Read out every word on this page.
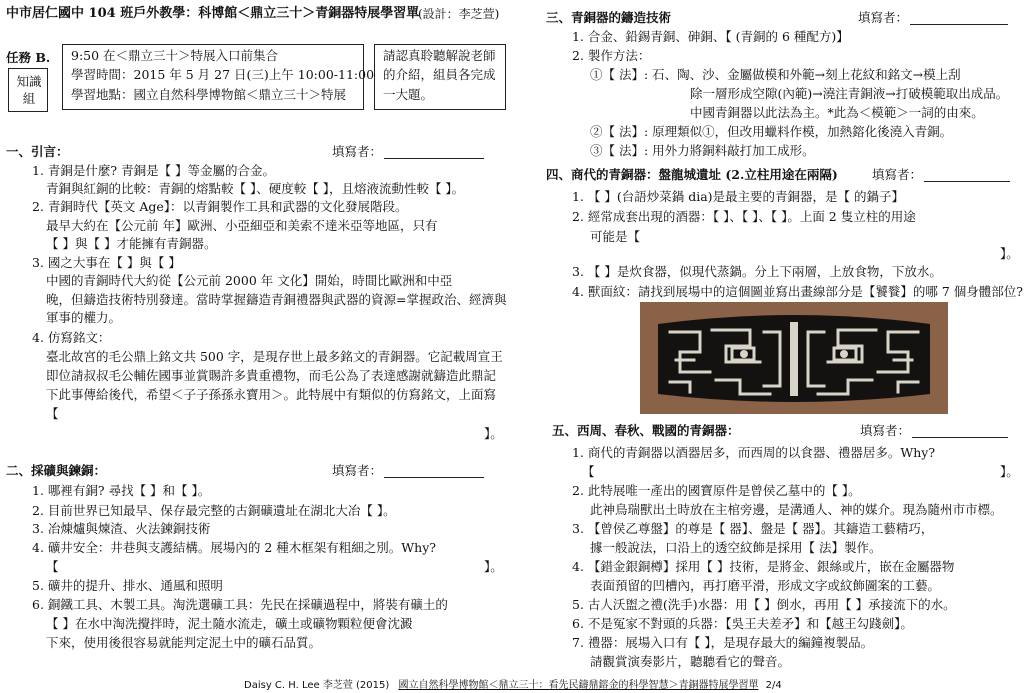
中市居仁國中 104 班戶外教學：科博館＜鼎立三十＞青銅器特展學習單
(設計：李芝萱)
任務 B.
知識組
9:50 在＜鼎立三十＞特展入口前集合
學習時間：2015 年 5 月 27 日(三)上午 10:00-11:00
學習地點：國立自然科學博物館＜鼎立三十＞特展
請認真聆聽解說老師
的介紹，組員各完成
一大題。
一、引言：	填寫者：
1. 青銅是什麼? 青銅是【 】等金屬的合金。
青銅與紅銅的比較：青銅的熔點較【 】、硬度較【 】，且熔液流動性較【 】。
2. 青銅時代【英文 Age】：以青銅製作工具和武器的文化發展階段。
最早大約在【公元前 年】歐洲、小亞細亞和美索不達米亞等地區，只有
【 】與【 】才能擁有青銅器。
3. 國之大事在【 】與【 】
中國的青銅時代大約從【公元前 2000 年 文化】開始，時間比歐洲和中亞
晚，但鑄造技術特別發達。當時掌握鑄造青銅禮器與武器的資源=掌握政治、經濟與
軍事的權力。
4. 仿寫銘文：
臺北故宮的毛公鼎上銘文共 500 字，是現存世上最多銘文的青銅器。它記載周宣王
即位請叔叔毛公輔佐國事並賞賜許多貴重禮物，而毛公為了表達感謝就鑄造此鼎記
下此事傳給後代，希望＜子子孫孫永寶用＞。此特展中有類似的仿寫銘文，上面寫
【
】。
二、採礦與鍊銅：	填寫者：
1. 哪裡有銅? 尋找【 】和【 】。
2. 目前世界已知最早、保存最完整的古銅礦遺址在湖北大冶【 】。
3. 冶煉爐與煉渣、火法鍊銅技術
4. 礦井安全：井巷與支護結構。展場內的 2 種木框架有粗細之別。Why?
【	】。
5. 礦井的提升、排水、通風和照明
6. 銅鐵工具、木製工具。淘洗選礦工具：先民在採礦過程中，將裝有礦土的
【 】在水中淘洗攪拌時，泥土隨水流走，礦土或礦物顆粒便會沈澱
下來，使用後很容易就能判定泥土中的礦石品質。
三、青銅器的鑄造技術	填寫者：
1. 合金、鉛錫青銅、砷銅、【 (青銅的 6 種配方)】
2. 製作方法：
①【 法】: 石、陶、沙、金屬做模和外範→刻上花紋和銘文→模上刮
除一層形成空隙(內範)→澆注青銅液→打破模範取出成品。
中國青銅器以此法為主。*此為＜模範＞一詞的由來。
②【 法】: 原理類似①，但改用蠟料作模，加熱鎔化後澆入青銅。
③【 法】: 用外力將銅料敲打加工成形。
四、商代的青銅器：盤龍城遺址 (2.立柱用途在兩隔)	填寫者：
1. 【 】(台語炒菜鍋 dia)是最主要的青銅器，是【 的鍋子】
2. 經常成套出現的酒器：【 】、【 】、【 】。上面 2 隻立柱的用途
可能是【
】。
3. 【 】是炊食器，似現代蒸鍋。分上下兩層，上放食物，下放水。
4. 獸面紋：請找到展場中的這個圖並寫出畫線部分是【饕餮】的哪 7 個身體部位?
五、西周、春秋、戰國的青銅器：	填寫者：
1. 商代的青銅器以酒器居多，而西周的以食器、禮器居多。Why?
【	】。
2. 此特展唯一產出的國寶原件是曾侯乙墓中的【 】。
此神鳥瑞獸出土時放在主棺旁邊，是溝通人、神的媒介。現為隨州市市標。
3. 【曾侯乙尊盤】的尊是【 器】、盤是【 器】。其鑄造工藝精巧，
據一般說法，口沿上的透空紋飾是採用【 法】製作。
4. 【錯金銀銅樽】採用【 】技術，是將金、銀絲或片，嵌在金屬器物
表面預留的凹槽內，再打磨平滑，形成文字或紋飾圖案的工藝。
5. 古人沃盥之禮(洗手)水器：用【 】倒水，再用【 】承接流下的水。
6. 不是冤家不對頭的兵器：【吳王夫差矛】和【越王勾踐劍】。
7. 禮器：展場入口有【 】，是現存最大的編鐘複製品。
請觀賞演奏影片，聽聽看它的聲音。
Daisy C. H. Lee 李芝萱 (2015) 國立自然科學博物館＜鼎立三十：看先民鑄鼎鎔金的科學智慧＞青銅器特展學習單 2/4
